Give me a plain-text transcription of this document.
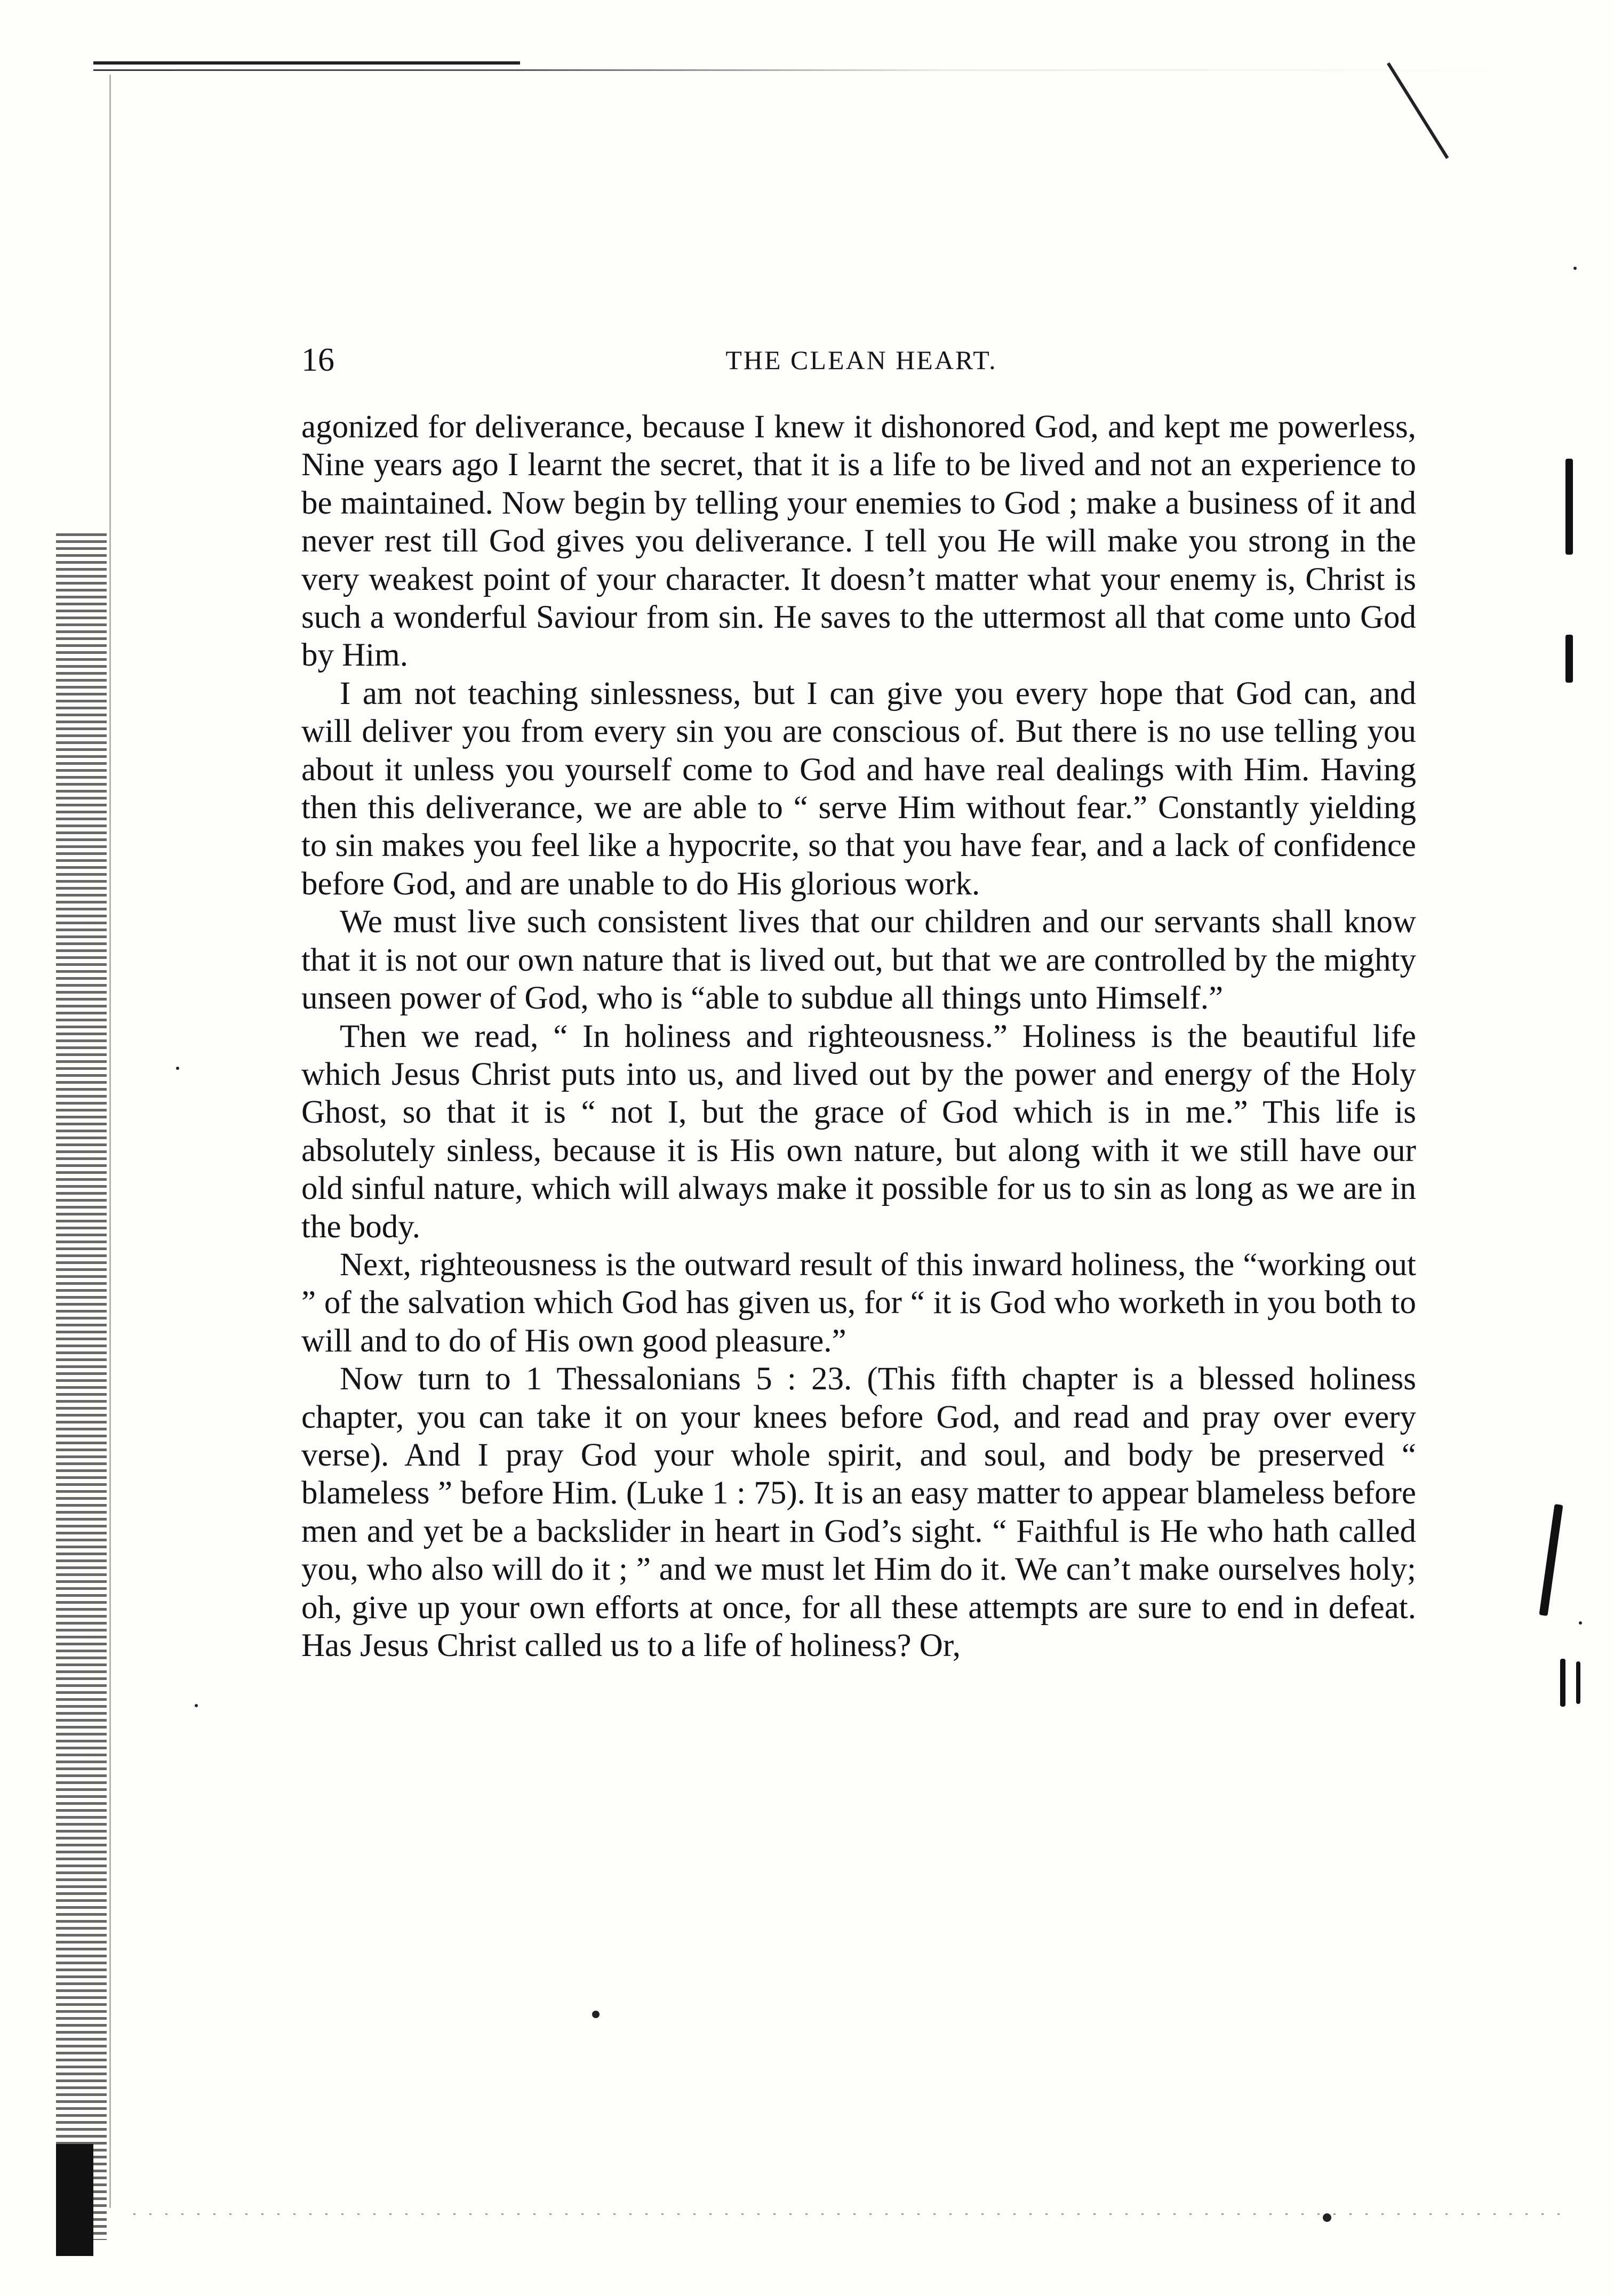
16	THE CLEAN HEART.

agonized for deliverance, because I knew it dishonored God, and kept me powerless, Nine years ago I learnt the secret, that it is a life to be lived and not an experience to be maintained. Now begin by telling your enemies to God ; make a business of it and never rest till God gives you deliverance. I tell you He will make you strong in the very weakest point of your character. It doesn’t matter what your enemy is, Christ is such a wonderful Saviour from sin. He saves to the uttermost all that come unto God by Him.

I am not teaching sinlessness, but I can give you every hope that God can, and will deliver you from every sin you are conscious of. But there is no use telling you about it unless you yourself come to God and have real dealings with Him. Having then this deliverance, we are able to “ serve Him without fear.” Constantly yielding to sin makes you feel like a hypocrite, so that you have fear, and a lack of confidence before God, and are unable to do His glorious work.

We must live such consistent lives that our children and our servants shall know that it is not our own nature that is lived out, but that we are controlled by the mighty unseen power of God, who is “able to subdue all things unto Himself.”

Then we read, “ In holiness and righteousness.” Holiness is the beautiful life which Jesus Christ puts into us, and lived out by the power and energy of the Holy Ghost, so that it is “ not I, but the grace of God which is in me.” This life is absolutely sinless, because it is His own nature, but along with it we still have our old sinful nature, which will always make it possible for us to sin as long as we are in the body.

Next, righteousness is the outward result of this inward holiness, the “working out ” of the salvation which God has given us, for “ it is God who worketh in you both to will and to do of His own good pleasure.”

Now turn to 1 Thessalonians 5 : 23. (This fifth chapter is a blessed holiness chapter, you can take it on your knees before God, and read and pray over every verse). And I pray God your whole spirit, and soul, and body be preserved “ blameless ” before Him. (Luke 1 : 75). It is an easy matter to appear blameless before men and yet be a backslider in heart in God’s sight. “ Faithful is He who hath called you, who also will do it ; ” and we must let Him do it. We can’t make ourselves holy; oh, give up your own efforts at once, for all these attempts are sure to end in defeat. Has Jesus Christ called us to a life of holiness? Or,
